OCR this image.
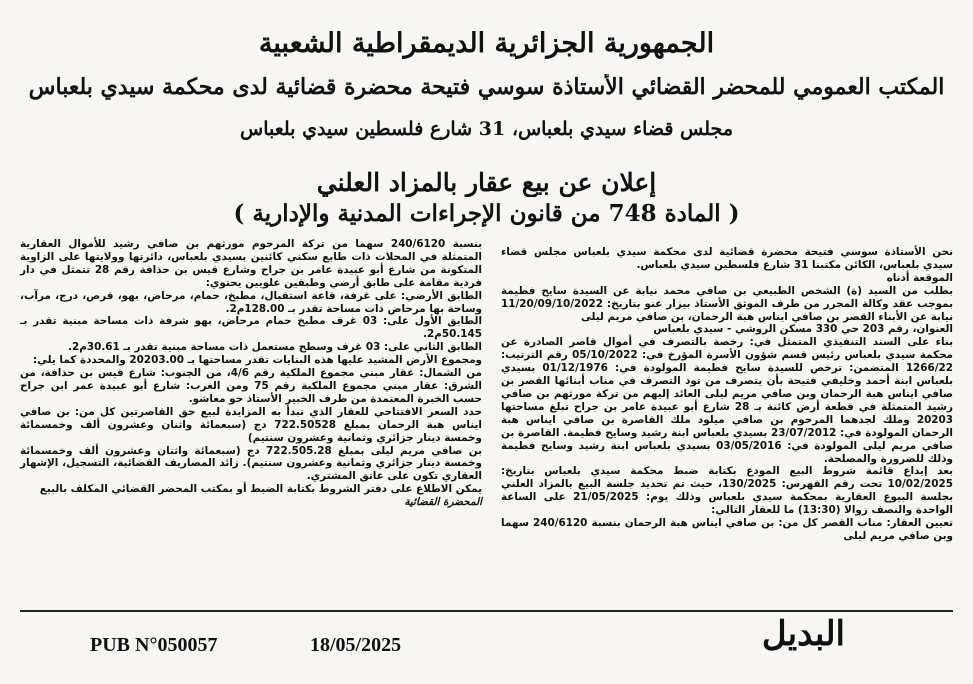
الجمهورية الجزائرية الديمقراطية الشعبية
المكتب العمومي للمحضر القضائي الأستاذة سوسي فتيحة محضرة قضائية لدى محكمة سيدي بلعباس
مجلس قضاء سيدي بلعباس، 31 شارع فلسطين سيدي بلعباس
إعلان عن بيع عقار بالمزاد العلني
( المادة 748 من قانون الإجراءات المدنية والإدارية )

نحن الأستاذة سوسي فتيحة محضرة قضائية لدى محكمة سيدي بلعباس مجلس قضاء سيدي بلعباس، الكائن مكتبنا 31 شارع فلسطين سيدي بلعباس.

الموقعة أدناه

بطلب من السيد (ة) الشخص الطبيعي بن صافي محمد نيابة عن السيدة سايح فطيمة بموجب عقد وكالة المحرر من طرف الموثق الأستاذ بيزار عنو بتاريخ: 11/20/09/10/2022 نيابة عن الأبناء القصر بن صافي ايناس هبة الرحمان، بن صافي مريم ليلى

العنوان، رقم 203 حي 330 مسكن الروشي - سيدي بلعباس

بناء على السند التنفيذي المتمثل في: رخصة بالتصرف في أموال قاصر الصادرة عن محكمة سيدي بلعباس رئيس قسم شؤون الأسرة المؤرخ في: 05/10/2022 رقم الترتيب: 1266/22 المتضمن: ترخص للسيدة سايح فطيمة المولودة في: 01/12/1976 بسيدي بلعباس ابنة أحمد وخليفي فتيحة بأن يتصرف من تود التصرف في مناب أبنائها القصر بن صافي ايناس هبة الرحمان وبن صافي مريم ليلى العائد إليهم من تركة مورثهم بن صافي رشيد المتمثلة في قطعة أرض كائنة بـ 28 شارع أبو عبيدة عامر بن جراح تبلغ مساحتها 20203 وملك لجدهما المرحوم بن صافي ميلود ملك القاصرة بن صافي ايناس هبة الرحمان المولودة في: 23/07/2012 بسيدي بلعباس ابنة رشيد وسايح فطيمة. القاصرة بن صافي مريم ليلى المولودة في: 03/05/2016 بسيدي بلعباس ابنة رشيد وسايح فطيمة وذلك للضرورة والمصلحة.

بعد إيداع قائمة شروط البيع المودع بكتابة ضبط محكمة سيدي بلعباس بتاريخ: 10/02/2025 تحت رقم الفهرس: 130/2025، حيث تم تحديد جلسة البيع بالمزاد العلني بجلسة البيوع العقارية بمحكمة سيدي بلعباس وذلك يوم: 21/05/2025 على الساعة الواحدة والنصف زوالا (13:30) ما للعقار التالي:

تعيين العقار: مناب القصر كل من: بن صافي ايناس هبة الرحمان بنسبة 240/6120 سهما وبن صافي مريم ليلى

بنسبة 240/6120 سهما من تركة المرحوم مورثهم بن صافي رشيد للأموال العقارية المتمثلة في المحلات ذات طابع سكني كائنين بسيدي بلعباس، دائرتها وولايتها على الزاوية المتكونة من شارع أبو عبيدة عامر بن جراح وشارع قيس بن حذافة رقم 28 تتمثل في دار فردية مقامة على طابق أرضي وطبقين علويين يحتوي:

الطابق الأرضي: على غرفة، قاعة استقبال، مطبخ، حمام، مرحاض، بهو، قرص، درج، مرآب، وساحة بها مرحاض ذات مساحة تقدر بـ 128.00م2.

الطابق الأول على: 03 غرف مطبخ حمام مرحاض، بهو شرفة ذات مساحة مبنية تقدر بـ 50.145م2.

الطابق الثاني على: 03 غرف وسطح مستعمل ذات مساحة مبنية تقدر بـ 30.61م2.

ومجموع الأرض المشيد عليها هذه البنايات تقدر مساحتها بـ 20203.00 والمحددة كما يلي:

من الشمال: عقار مبني مجموع الملكية رقم 4/6، من الجنوب: شارع قيس بن حذافة، من الشرق: عقار مبني مجموع الملكية رقم 75 ومن الغرب: شارع أبو عبيدة عمر ابن جراح حسب الخبرة المعتمدة من طرف الخبير الأستاذ حو معاشو.

حدد السعر الافتتاحي للعقار الذي تبدأ به المزايدة لبيع حق القاصرتين كل من: بن صافي ايناس هبة الرحمان بمبلغ 722.50528 دج (سبعمائة واثنان وعشرون ألف وخمسمائة وخمسة دينار جزائري وثمانية وعشرون سنتيم)

بن صافي مريم ليلى بمبلغ 722.505.28 دج (سبعمائة واثنان وعشرون ألف وخمسمائة وخمسة دينار جزائري وثمانية وعشرون سنتيم). زائد المصاريف القضائية، التسجيل، الإشهار العقاري تكون على عاتق المشتري.

يمكن الاطلاع على دفتر الشروط بكتابة الضبط أو بمكتب المحضر القضائي المكلف بالبيع

المحضرة القضائية

PUB N°050057	18/05/2025	البديل
